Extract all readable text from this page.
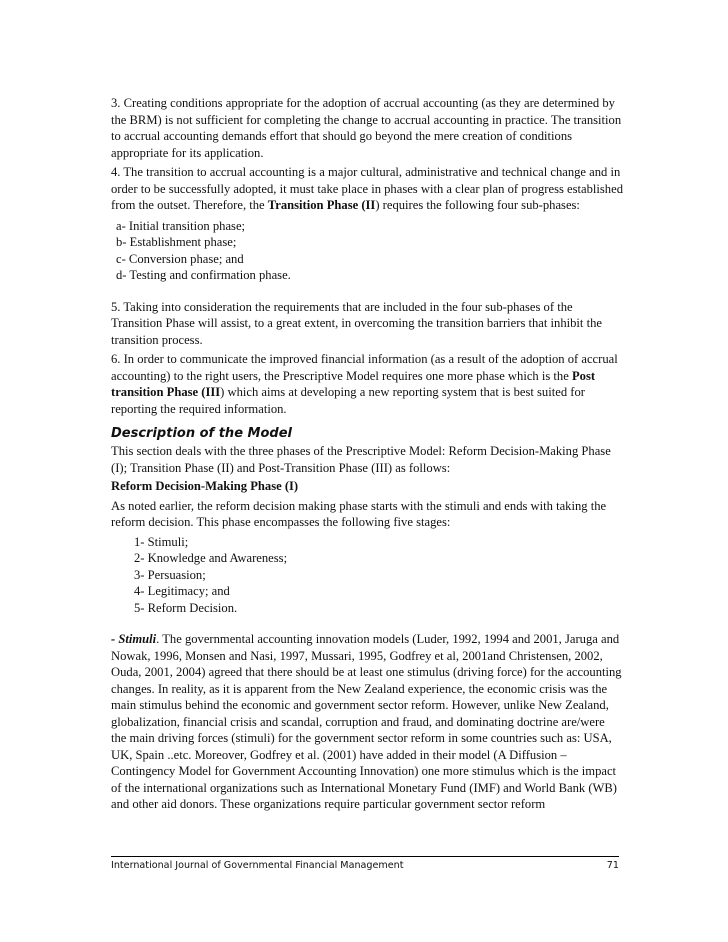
3. Creating conditions appropriate for the adoption of accrual accounting (as they are determined by the BRM) is not sufficient for completing the change to accrual accounting in practice. The transition to accrual accounting demands effort that should go beyond the mere creation of conditions appropriate for its application.

4. The transition to accrual accounting is a major cultural, administrative and technical change and in order to be successfully adopted, it must take place in phases with a clear plan of progress established from the outset. Therefore, the Transition Phase (II) requires the following four sub-phases:

a- Initial transition phase;
b- Establishment phase;
c- Conversion phase; and
d- Testing and confirmation phase.

5. Taking into consideration the requirements that are included in the four sub-phases of the Transition Phase will assist, to a great extent, in overcoming the transition barriers that inhibit the transition process.

6. In order to communicate the improved financial information (as a result of the adoption of accrual accounting) to the right users, the Prescriptive Model requires one more phase which is the Post transition Phase (III) which aims at developing a new reporting system that is best suited for reporting the required information.

Description of the Model

This section deals with the three phases of the Prescriptive Model: Reform Decision-Making Phase (I); Transition Phase (II) and Post-Transition Phase (III) as follows:

Reform Decision-Making Phase (I)

As noted earlier, the reform decision making phase starts with the stimuli and ends with taking the reform decision. This phase encompasses the following five stages:

1- Stimuli;
2- Knowledge and Awareness;
3- Persuasion;
4- Legitimacy; and
5- Reform Decision.

- Stimuli. The governmental accounting innovation models (Luder, 1992, 1994 and 2001, Jaruga and Nowak, 1996, Monsen and Nasi, 1997, Mussari, 1995, Godfrey et al, 2001and Christensen, 2002, Ouda, 2001, 2004) agreed that there should be at least one stimulus (driving force) for the accounting changes. In reality, as it is apparent from the New Zealand experience, the economic crisis was the main stimulus behind the economic and government sector reform. However, unlike New Zealand, globalization, financial crisis and scandal, corruption and fraud, and dominating doctrine are/were the main driving forces (stimuli) for the government sector reform in some countries such as: USA, UK, Spain ..etc. Moreover, Godfrey et al. (2001) have added in their model (A Diffusion –Contingency Model for Government Accounting Innovation) one more stimulus which is the impact of the international organizations such as International Monetary Fund (IMF) and World Bank (WB) and other aid donors. These organizations require particular government sector reform

International Journal of Governmental Financial Management	71
